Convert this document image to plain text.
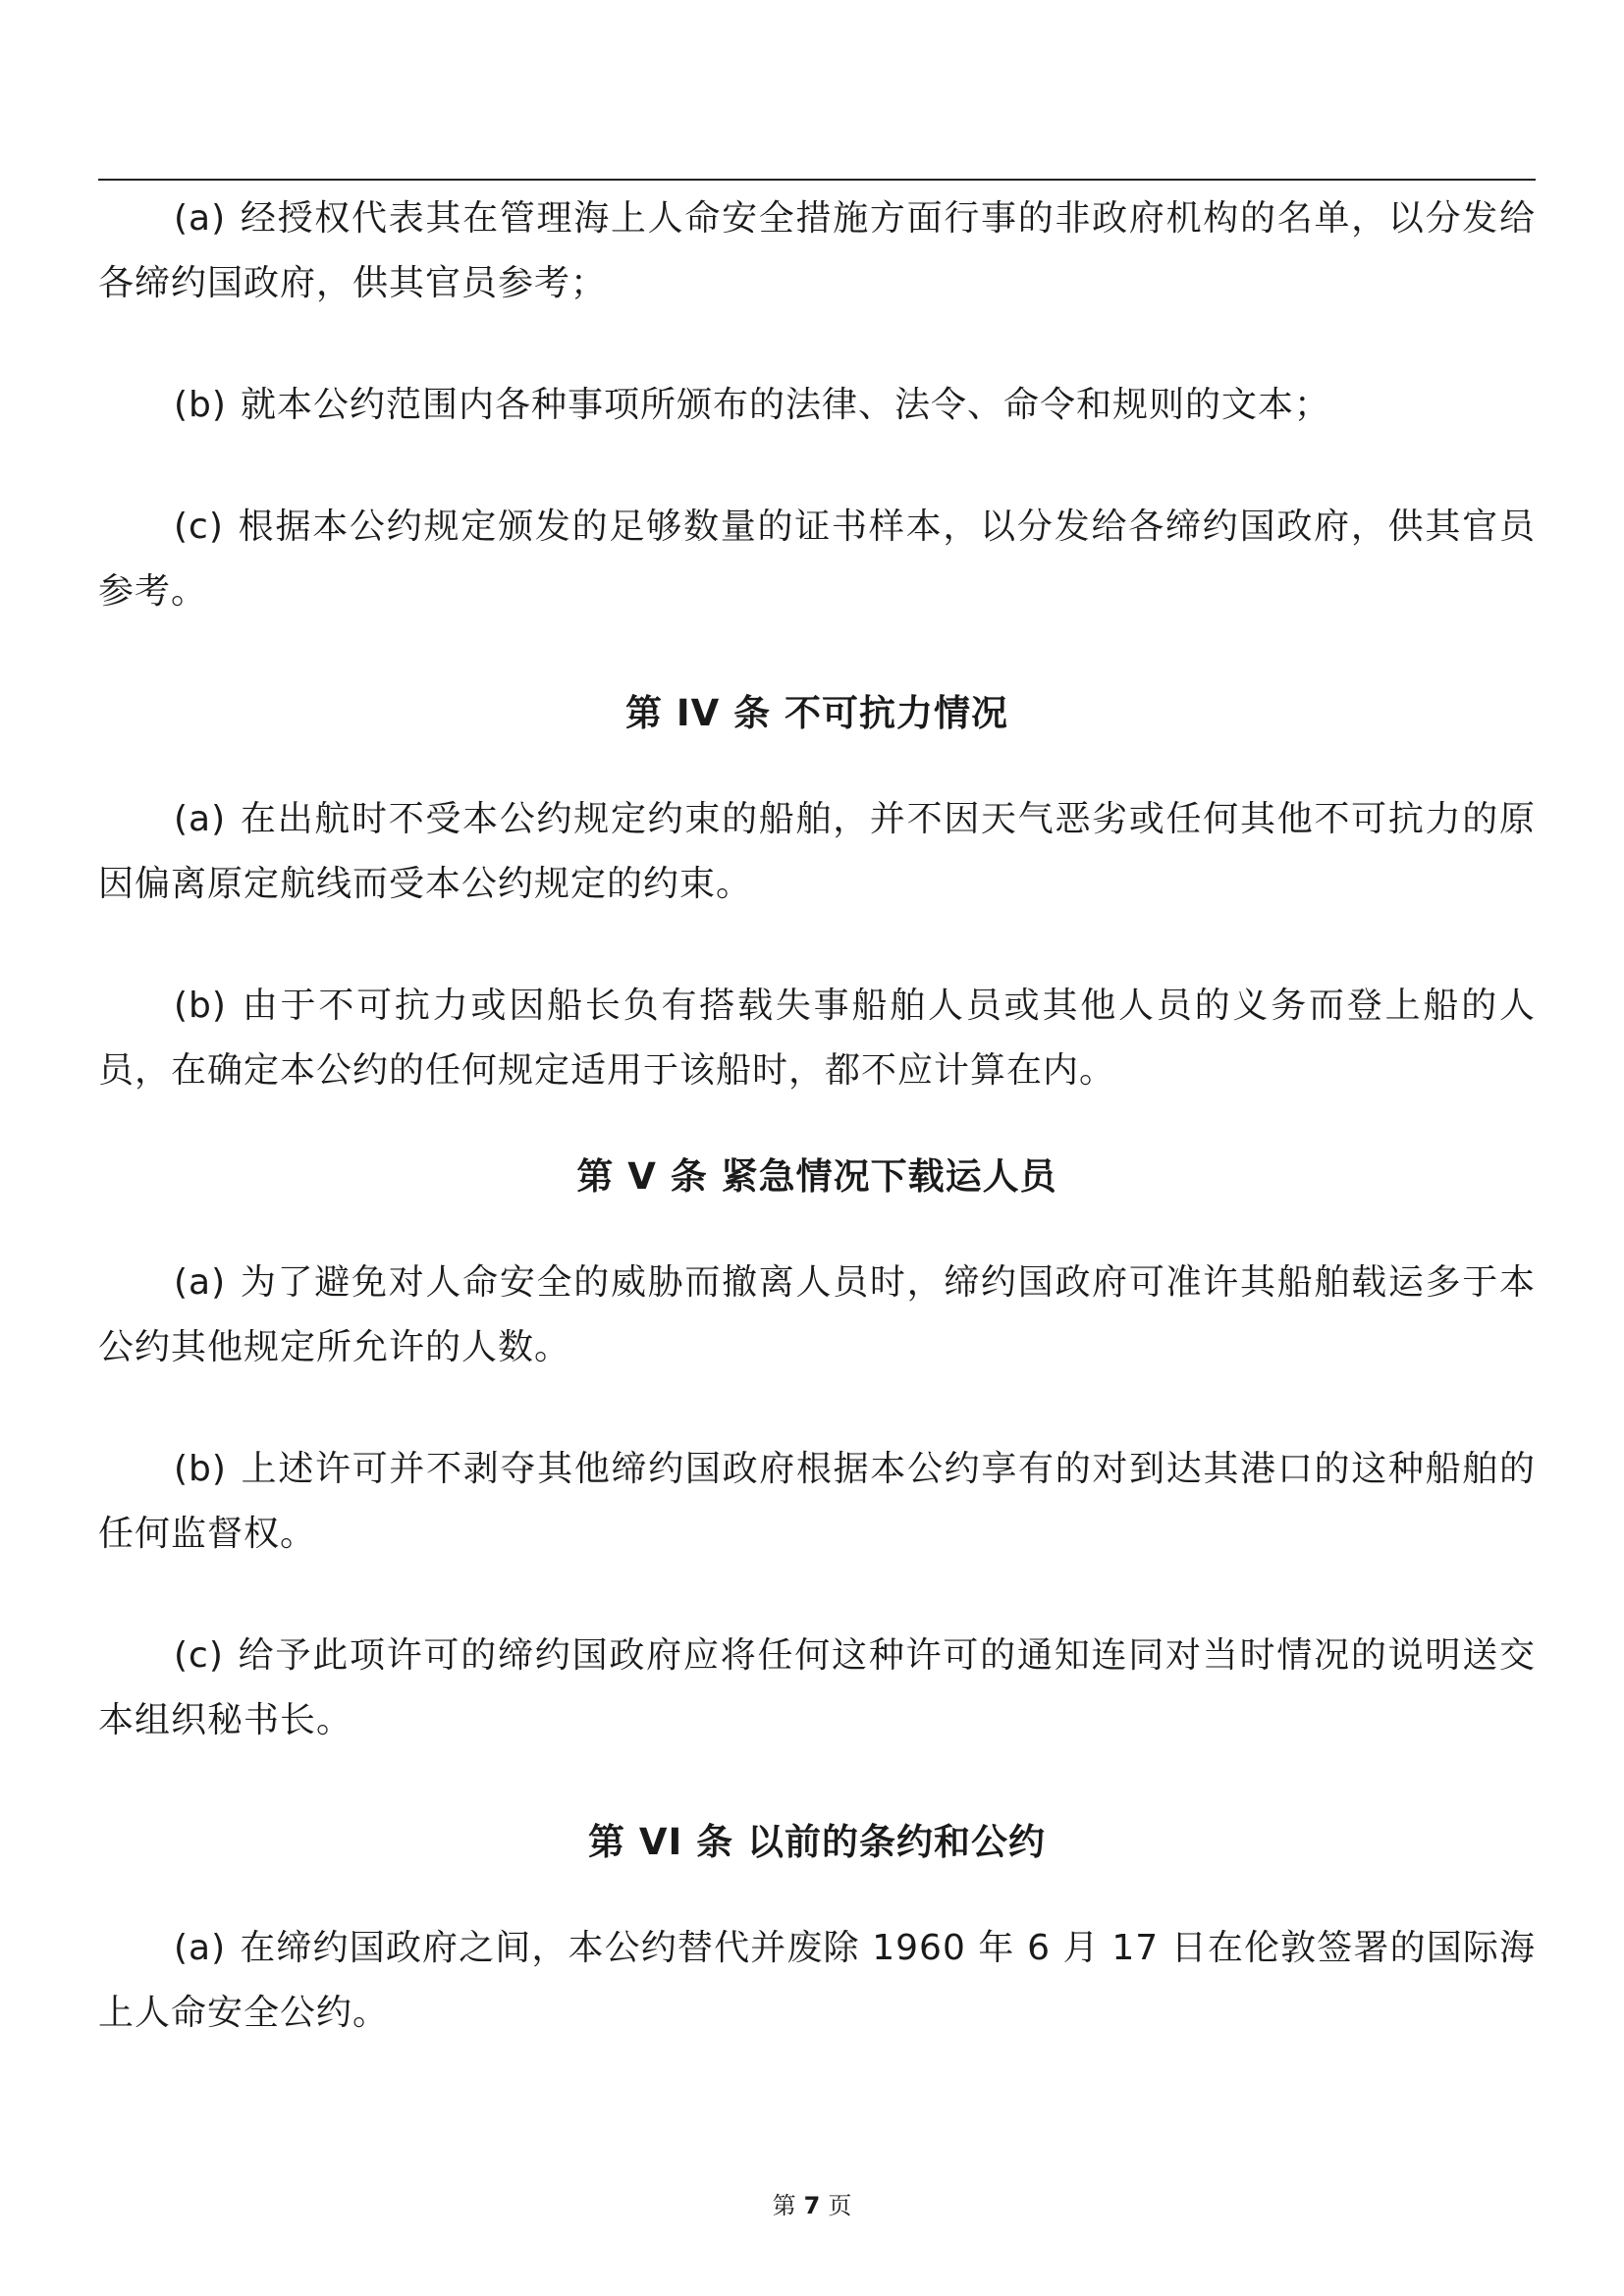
(a) 经授权代表其在管理海上人命安全措施方面行事的非政府机构的名单，以分发给各缔约国政府，供其官员参考；

(b) 就本公约范围内各种事项所颁布的法律、法令、命令和规则的文本；

(c) 根据本公约规定颁发的足够数量的证书样本，以分发给各缔约国政府，供其官员参考。

第 IV 条 不可抗力情况

(a) 在出航时不受本公约规定约束的船舶，并不因天气恶劣或任何其他不可抗力的原因偏离原定航线而受本公约规定的约束。

(b) 由于不可抗力或因船长负有搭载失事船舶人员或其他人员的义务而登上船的人员，在确定本公约的任何规定适用于该船时，都不应计算在内。

第 V 条 紧急情况下载运人员

(a) 为了避免对人命安全的威胁而撤离人员时，缔约国政府可准许其船舶载运多于本公约其他规定所允许的人数。

(b) 上述许可并不剥夺其他缔约国政府根据本公约享有的对到达其港口的这种船舶的任何监督权。

(c) 给予此项许可的缔约国政府应将任何这种许可的通知连同对当时情况的说明送交本组织秘书长。

第 VI 条 以前的条约和公约

(a) 在缔约国政府之间，本公约替代并废除 1960 年 6 月 17 日在伦敦签署的国际海上人命安全公约。

第 7 页
